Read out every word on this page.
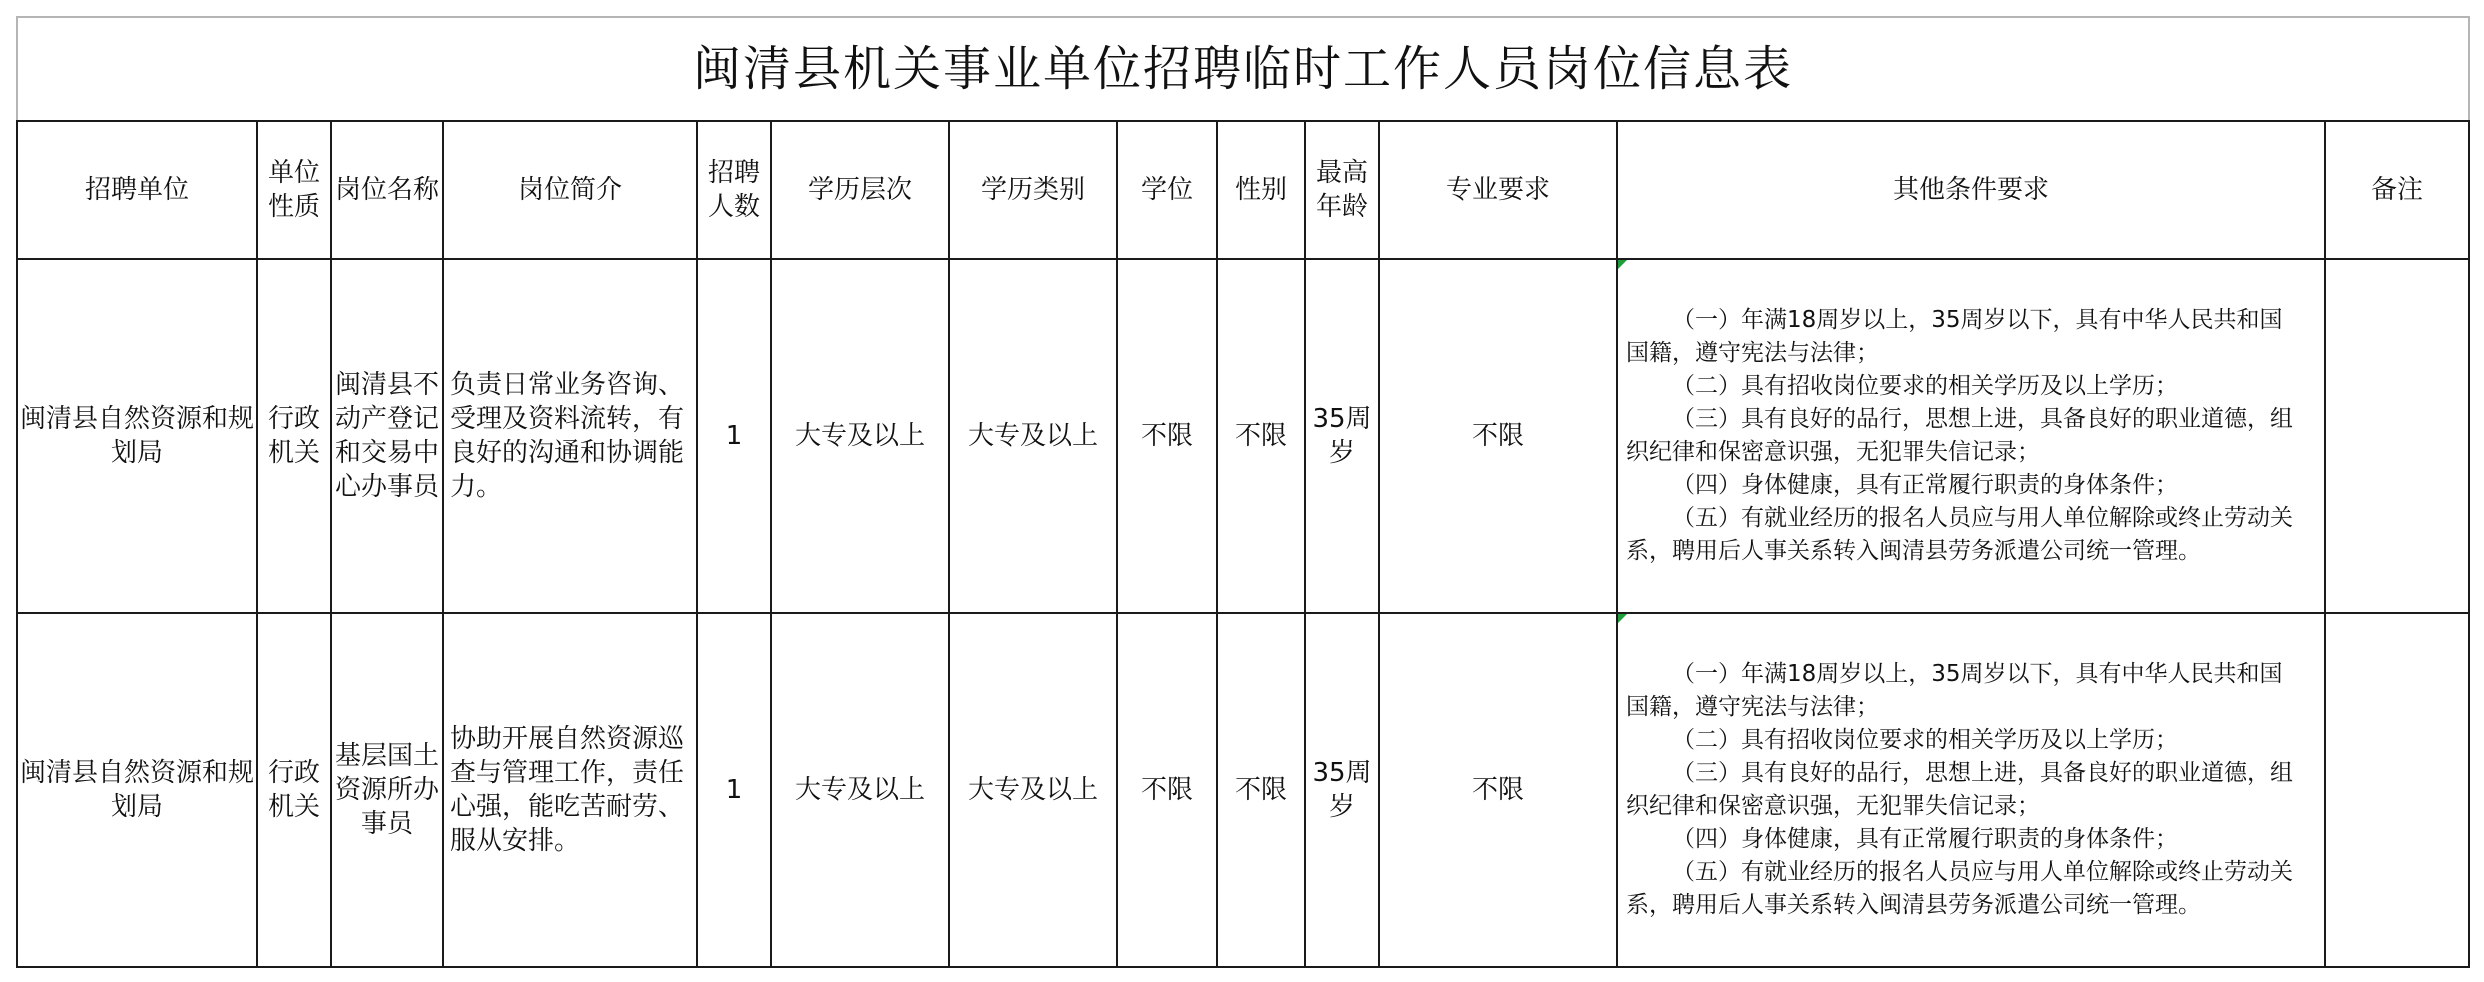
闽清县机关事业单位招聘临时工作人员岗位信息表												
招聘单位	单位性质	岗位名称	岗位简介	招聘人数	学历层次	学历类别	学位	性别	最高年龄	专业要求	其他条件要求	备注
闽清县自然资源和规划局	行政机关	闽清县不动产登记和交易中心办事员	负责日常业务咨询、受理及资料流转，有良好的沟通和协调能力。	1	大专及以上	大专及以上	不限	不限	35周岁	不限	（一）年满18周岁以上，35周岁以下，具有中华人民共和国国籍，遵守宪法与法律；

（二）具有招收岗位要求的相关学历及以上学历；

（三）具有良好的品行，思想上进，具备良好的职业道德，组织纪律和保密意识强，无犯罪失信记录；

（四）身体健康，具有正常履行职责的身体条件；

（五）有就业经历的报名人员应与用人单位解除或终止劳动关系，聘用后人事关系转入闽清县劳务派遣公司统一管理。	

闽清县自然资源和规划局	行政机关	基层国土资源所办事员	协助开展自然资源巡查与管理工作，责任心强，能吃苦耐劳、服从安排。	1	大专及以上	大专及以上	不限	不限	35周岁	不限	（一）年满18周岁以上，35周岁以下，具有中华人民共和国国籍，遵守宪法与法律；

（二）具有招收岗位要求的相关学历及以上学历；

（三）具有良好的品行，思想上进，具备良好的职业道德，组织纪律和保密意识强，无犯罪失信记录；

（四）身体健康，具有正常履行职责的身体条件；

（五）有就业经历的报名人员应与用人单位解除或终止劳动关系，聘用后人事关系转入闽清县劳务派遣公司统一管理。	
